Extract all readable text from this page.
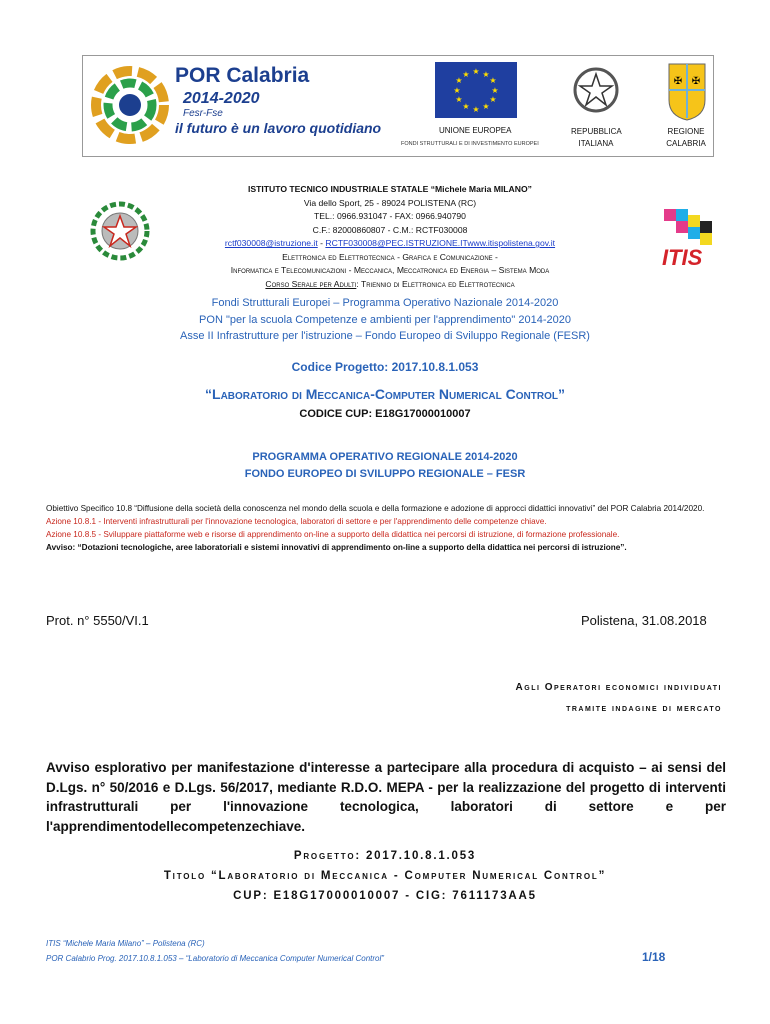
POR Calabria
2014-2020
Fesr-Fse
il futuro è un lavoro quotidiano
★ ★
★
★
★
★
★
★
★
★
★
★
UNIONE EUROPEA
FONDI STRUTTURALI E DI INVESTIMENTO EUROPEI
REPUBBLICA
ITALIANA
✠ ✠
REGIONE
CALABRIA
ITIS
ISTITUTO TECNICO INDUSTRIALE STATALE “Michele Maria MILANO”
Via dello Sport, 25 - 89024 POLISTENA (RC)
TEL.: 0966.931047 - FAX: 0966.940790
C.F.: 82000860807 - C.M.: RCTF030008
rctf030008@istruzione.it - RCTF030008@PEC.ISTRUZIONE.ITwww.itispolistena.gov.it
Elettronica ed Elettrotecnica - Grafica e Comunicazione -
Informatica e Telecomunicazioni - Meccanica, Meccatronica ed Energia – Sistema Moda
Corso Serale per Adulti: Triennio di Elettronica ed Elettrotecnica
Fondi Strutturali Europei – Programma Operativo Nazionale 2014-2020
PON "per la scuola Competenze e ambienti per l'apprendimento" 2014-2020
Asse II Infrastrutture per l'istruzione – Fondo Europeo di Sviluppo Regionale (FESR)
Codice Progetto: 2017.10.8.1.053
“Laboratorio di Meccanica-Computer Numerical Control”
CODICE CUP: E18G17000010007
PROGRAMMA OPERATIVO REGIONALE 2014-2020
FONDO EUROPEO DI SVILUPPO REGIONALE – FESR
Obiettivo Specifico 10.8 “Diffusione della società della conoscenza nel mondo della scuola e della formazione e adozione di approcci didattici innovativi” del POR Calabria 2014/2020.
Azione 10.8.1 - Interventi infrastrutturali per l'innovazione tecnologica, laboratori di settore e per l'apprendimento delle competenze chiave.
Azione 10.8.5 - Sviluppare piattaforme web e risorse di apprendimento on-line a supporto della didattica nei percorsi di istruzione, di formazione professionale.
Avviso: “Dotazioni tecnologiche, aree laboratoriali e sistemi innovativi di apprendimento on-line a supporto della didattica nei percorsi di istruzione”.
Prot. n° 5550/VI.1	Polistena, 31.08.2018
Agli Operatori economici individuati
tramite indagine di mercato
Avviso esplorativo per manifestazione d'interesse a partecipare alla procedura di acquisto – ai sensi del D.Lgs. n° 50/2016 e D.Lgs. 56/2017, mediante R.D.O. MEPA - per la realizzazione del progetto di interventi infrastrutturali per l'innovazione tecnologica, laboratori di settore e per l'apprendimentodellecompetenzechiave.
Progetto: 2017.10.8.1.053
Titolo “Laboratorio di Meccanica - Computer Numerical Control”
CUP: E18G17000010007 - CIG: 7611173AA5
ITIS “Michele Maria Milano” – Polistena (RC)
POR Calabrio Prog. 2017.10.8.1.053 – “Laboratorio di Meccanica Computer Numerical Control”	1/18
